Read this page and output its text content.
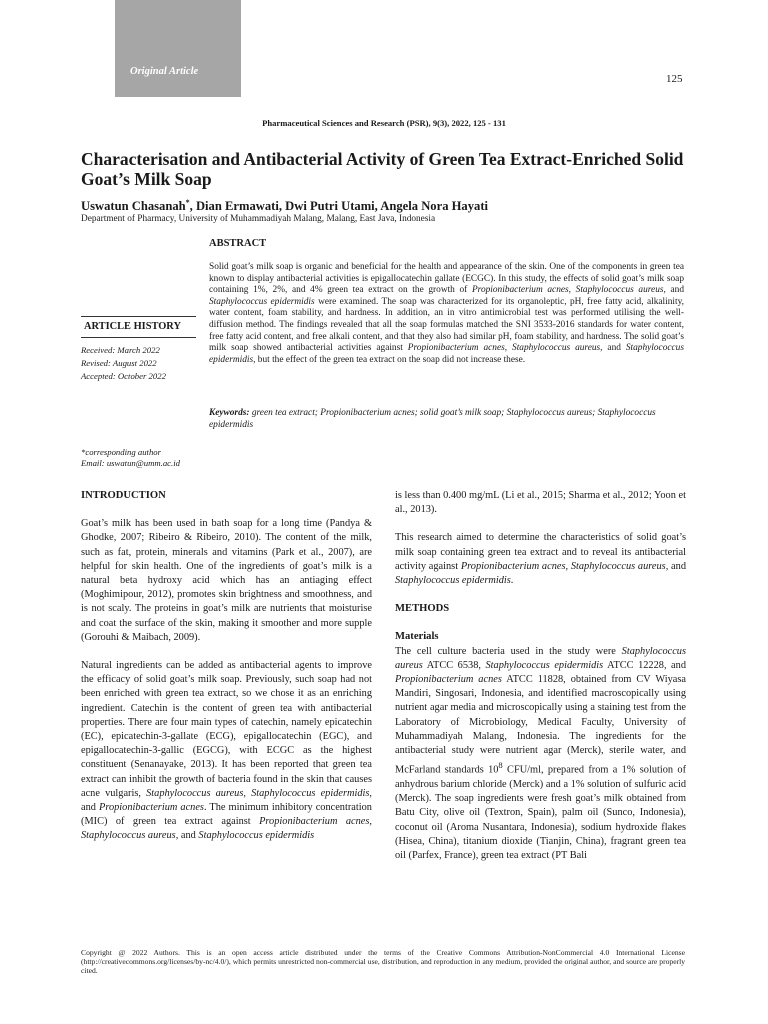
Original Article
125
Pharmaceutical Sciences and Research (PSR), 9(3), 2022, 125 - 131
Characterisation and Antibacterial Activity of Green Tea Extract-Enriched Solid Goat’s Milk Soap
Uswatun Chasanah*, Dian Ermawati, Dwi Putri Utami, Angela Nora Hayati
Department of Pharmacy, University of Muhammadiyah Malang, Malang, East Java, Indonesia
ABSTRACT
Solid goat’s milk soap is organic and beneficial for the health and appearance of the skin. One of the components in green tea known to display antibacterial activities is epigallocatechin gallate (ECGC). In this study, the effects of solid goat’s milk soap containing 1%, 2%, and 4% green tea extract on the growth of Propionibacterium acnes, Staphylococcus aureus, and Staphylococcus epidermidis were examined. The soap was characterized for its organoleptic, pH, free fatty acid, alkalinity, water content, foam stability, and hardness. In addition, an in vitro antimicrobial test was performed utilising the well-diffusion method. The findings revealed that all the soap formulas matched the SNI 3533-2016 standards for water content, free fatty acid content, and free alkali content, and that they also had similar pH, foam stability, and hardness. The solid goat’s milk soap showed antibacterial activities against Propionibacterium acnes, Staphylococcus aureus, and Staphylococcus epidermidis, but the effect of the green tea extract on the soap did not increase these.
Keywords: green tea extract; Propionibacterium acnes; solid goat’s milk soap; Staphylococcus aureus; Staphylococcus epidermidis
ARTICLE HISTORY
Received: March 2022
Revised: August 2022
Accepted: October 2022
*corresponding author
Email: uswatun@umm.ac.id
INTRODUCTION

Goat’s milk has been used in bath soap for a long time (Pandya & Ghodke, 2007; Ribeiro & Ribeiro, 2010). The content of the milk, such as fat, protein, minerals and vitamins (Park et al., 2007), are helpful for skin health. One of the ingredients of goat’s milk is a natural beta hydroxy acid which has an antiaging effect (Moghimipour, 2012), promotes skin brightness and smoothness, and is not scaly. The proteins in goat’s milk are nutrients that moisturise and coat the surface of the skin, making it smoother and more supple (Gorouhi & Maibach, 2009).

Natural ingredients can be added as antibacterial agents to improve the efficacy of solid goat’s milk soap. Previously, such soap had not been enriched with green tea extract, so we chose it as an enriching ingredient. Catechin is the content of green tea with antibacterial properties. There are four main types of catechin, namely epicatechin (EC), epicatechin-3-gallate (ECG), epigallocatechin (EGC), and epigallocatechin-3-gallic (EGCG), with ECGC as the highest constituent (Senanayake, 2013). It has been reported that green tea extract can inhibit the growth of bacteria found in the skin that causes acne vulgaris, Staphylococcus aureus, Staphylococcus epidermidis, and Propionibacterium acnes. The minimum inhibitory concentration (MIC) of green tea extract against Propionibacterium acnes, Staphylococcus aureus, and Staphylococcus epidermidis

is less than 0.400 mg/mL (Li et al., 2015; Sharma et al., 2012; Yoon et al., 2013).

This research aimed to determine the characteristics of solid goat’s milk soap containing green tea extract and to reveal its antibacterial activity against Propionibacterium acnes, Staphylococcus aureus, and Staphylococcus epidermidis.

METHODS
Materials

The cell culture bacteria used in the study were Staphylococcus aureus ATCC 6538, Staphylococcus epidermidis ATCC 12228, and Propionibacterium acnes ATCC 11828, obtained from CV Wiyasa Mandiri, Singosari, Indonesia, and identified macroscopically using nutrient agar media and microscopically using a staining test from the Laboratory of Microbiology, Medical Faculty, University of Muhammadiyah Malang, Indonesia. The ingredients for the antibacterial study were nutrient agar (Merck), sterile water, and McFarland standards $10^8$ CFU/ml, prepared from a 1% solution of anhydrous barium chloride (Merck) and a 1% solution of sulfuric acid (Merck). The soap ingredients were fresh goat’s milk obtained from Batu City, olive oil (Textron, Spain), palm oil (Sunco, Indonesia), coconut oil (Aroma Nusantara, Indonesia), sodium hydroxide flakes (Hisea, China), titanium dioxide (Tianjin, China), fragrant green tea oil (Parfex, France), green tea extract (PT Bali

Copyright @ 2022 Authors. This is an open access article distributed under the terms of the Creative Commons Attribution-NonCommercial 4.0 International License (http://creativecommons.org/licenses/by-nc/4.0/), which permits unrestricted non-commercial use, distribution, and reproduction in any medium, provided the original author, and source are properly cited.
